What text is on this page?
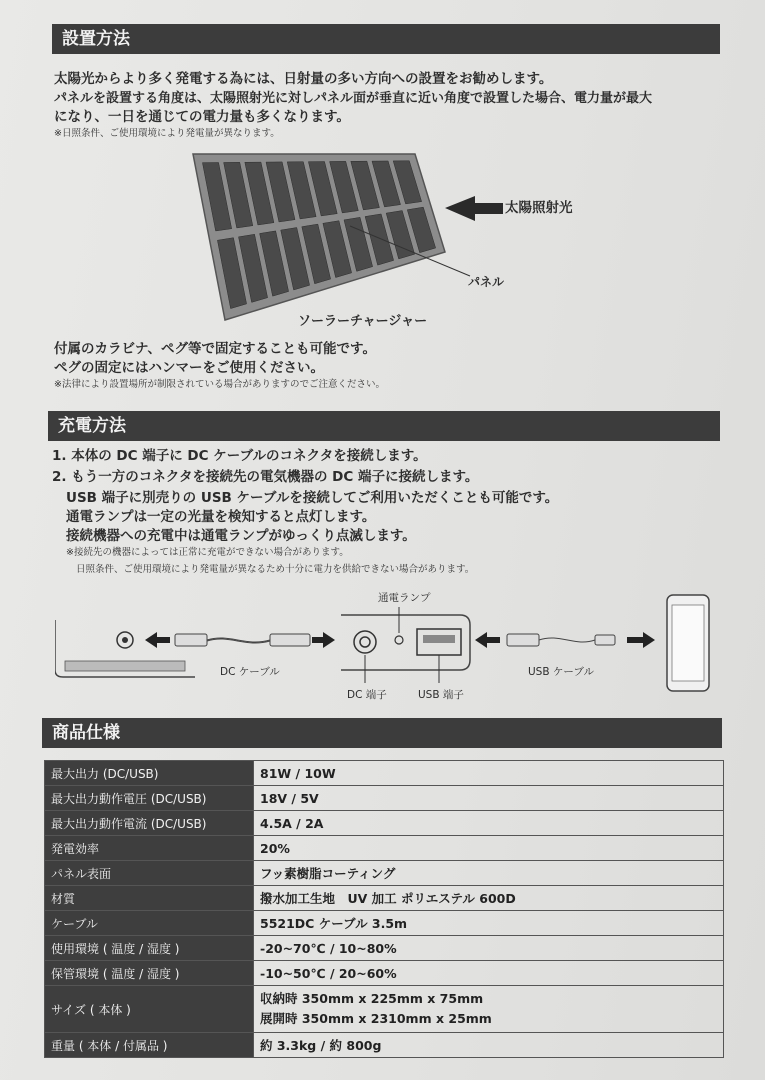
設置方法
太陽光からより多く発電する為には、日射量の多い方向への設置をお勧めします。
パネルを設置する角度は、太陽照射光に対しパネル面が垂直に近い角度で設置した場合、電力量が最大
になり、一日を通じての電力量も多くなります。
※日照条件、ご使用環境により発電量が異なります。
太陽照射光
パネル
ソーラーチャージャー
付属のカラビナ、ペグ等で固定することも可能です。
ペグの固定にはハンマーをご使用ください。
※法律により設置場所が制限されている場合がありますのでご注意ください。
充電方法
1. 本体の DC 端子に DC ケーブルのコネクタを接続します。
2. もう一方のコネクタを接続先の電気機器の DC 端子に接続します。
USB 端子に別売りの USB ケーブルを接続してご利用いただくことも可能です。
通電ランプは一定の光量を検知すると点灯します。
接続機器への充電中は通電ランプがゆっくり点滅します。
※接続先の機器によっては正常に充電ができない場合があります。
日照条件、ご使用環境により発電量が異なるため十分に電力を供給できない場合があります。
通電ランプ
DC ケーブル
DC 端子	USB 端子
USB ケーブル
商品仕様
最大出力 (DC/USB)	81W / 10W
最大出力動作電圧 (DC/USB)	18V / 5V
最大出力動作電流 (DC/USB)	4.5A / 2A
発電効率	20%
パネル表面	フッ素樹脂コーティング
材質	撥水加工生地　UV 加工 ポリエステル 600D
ケーブル	5521DC ケーブル 3.5m
使用環境 ( 温度 / 湿度 )	-20~70℃ / 10~80%
保管環境 ( 温度 / 湿度 )	-10~50℃ / 20~60%
サイズ ( 本体 )	収納時 350mm x 225mm x 75mm
展開時 350mm x 2310mm x 25mm

重量 ( 本体 / 付属品 )	約 3.3kg / 約 800g
